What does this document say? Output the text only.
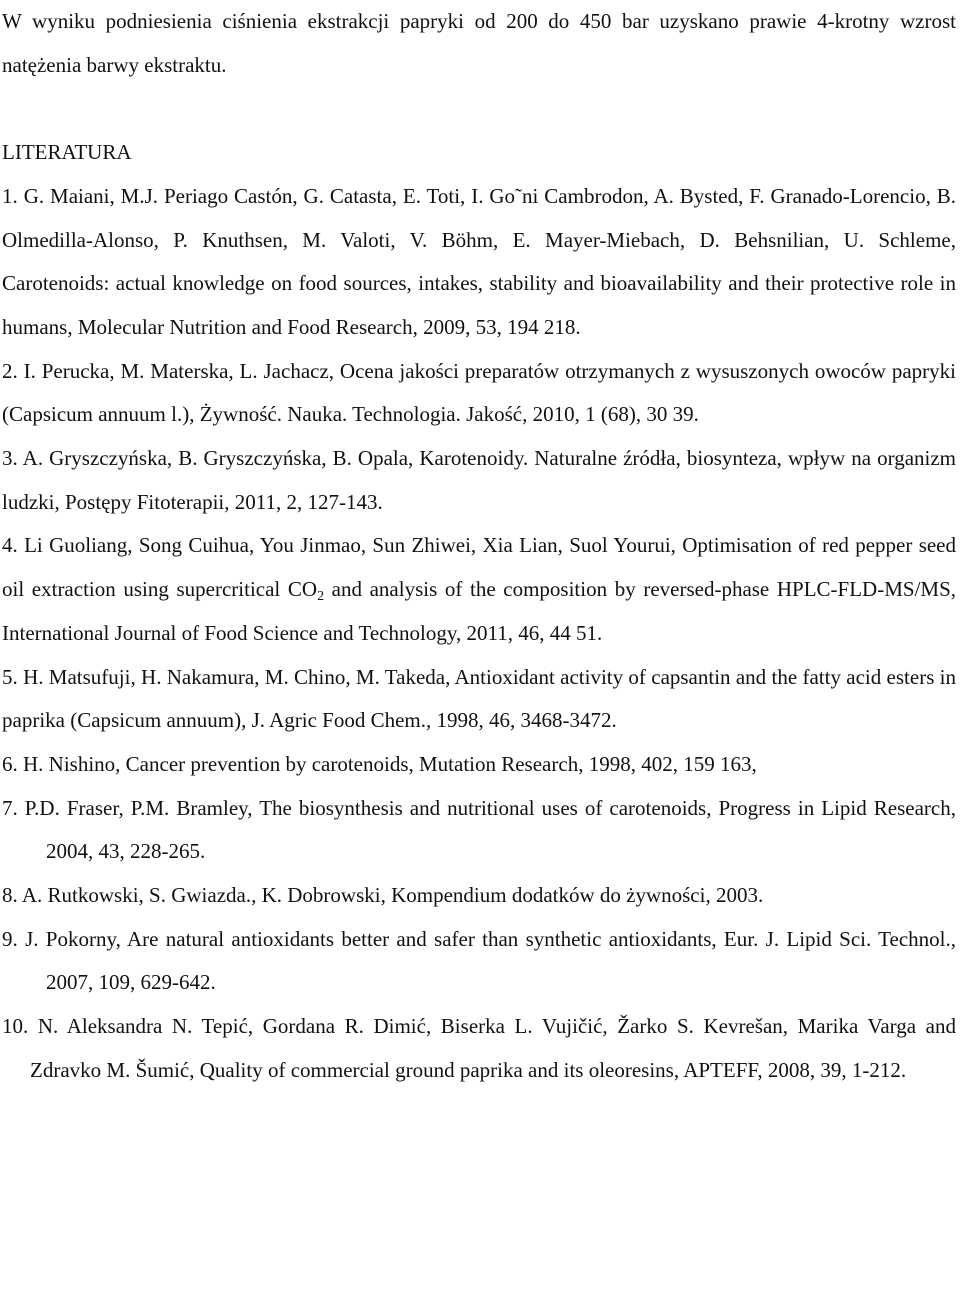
W wyniku podniesienia ciśnienia ekstrakcji papryki od 200 do 450 bar uzyskano prawie 4-krotny wzrost natężenia barwy ekstraktu.

LITERATURA

1. G. Maiani, M.J. Periago Castón, G. Catasta, E. Toti, I. Go˜ni Cambrodon, A. Bysted, F. Granado-Lorencio, B. Olmedilla-Alonso, P. Knuthsen, M. Valoti, V. Böhm, E. Mayer-Miebach, D. Behsnilian, U. Schleme, Carotenoids: actual knowledge on food sources, intakes, stability and bioavailability and their protective role in humans, Molecular Nutrition and Food Research, 2009, 53, 194 218.

2. I. Perucka, M. Materska, L. Jachacz, Ocena jakości preparatów otrzymanych z wysuszonych owoców papryki (Capsicum annuum l.), Żywność. Nauka. Technologia. Jakość, 2010, 1 (68), 30 39.

3. A. Gryszczyńska, B. Gryszczyńska, B. Opala, Karotenoidy. Naturalne źródła, biosynteza, wpływ na organizm ludzki, Postępy Fitoterapii, 2011, 2, 127-143.

4. Li Guoliang, Song Cuihua, You Jinmao, Sun Zhiwei, Xia Lian, Suol Yourui, Optimisation of red pepper seed oil extraction using supercritical $CO_2$ and analysis of the composition by reversed-phase HPLC-FLD-MS/MS, International Journal of Food Science and Technology, 2011, 46, 44 51.

5. H. Matsufuji, H. Nakamura, M. Chino, M. Takeda, Antioxidant activity of capsantin and the fatty acid esters in paprika (Capsicum annuum), J. Agric Food Chem., 1998, 46, 3468-3472.

6. H. Nishino, Cancer prevention by carotenoids, Mutation Research, 1998, 402, 159 163,

7. P.D. Fraser, P.M. Bramley, The biosynthesis and nutritional uses of carotenoids, Progress in Lipid Research, 2004, 43, 228-265.

8. A. Rutkowski, S. Gwiazda., K. Dobrowski, Kompendium dodatków do żywności, 2003.

9. J. Pokorny, Are natural antioxidants better and safer than synthetic antioxidants, Eur. J. Lipid Sci. Technol., 2007, 109, 629-642.

10. N. Aleksandra N. Tepić, Gordana R. Dimić, Biserka L. Vujičić, Žarko S. Kevrešan, Marika Varga and Zdravko M. Šumić, Quality of commercial ground paprika and its oleoresins, APTEFF, 2008, 39, 1-212.
